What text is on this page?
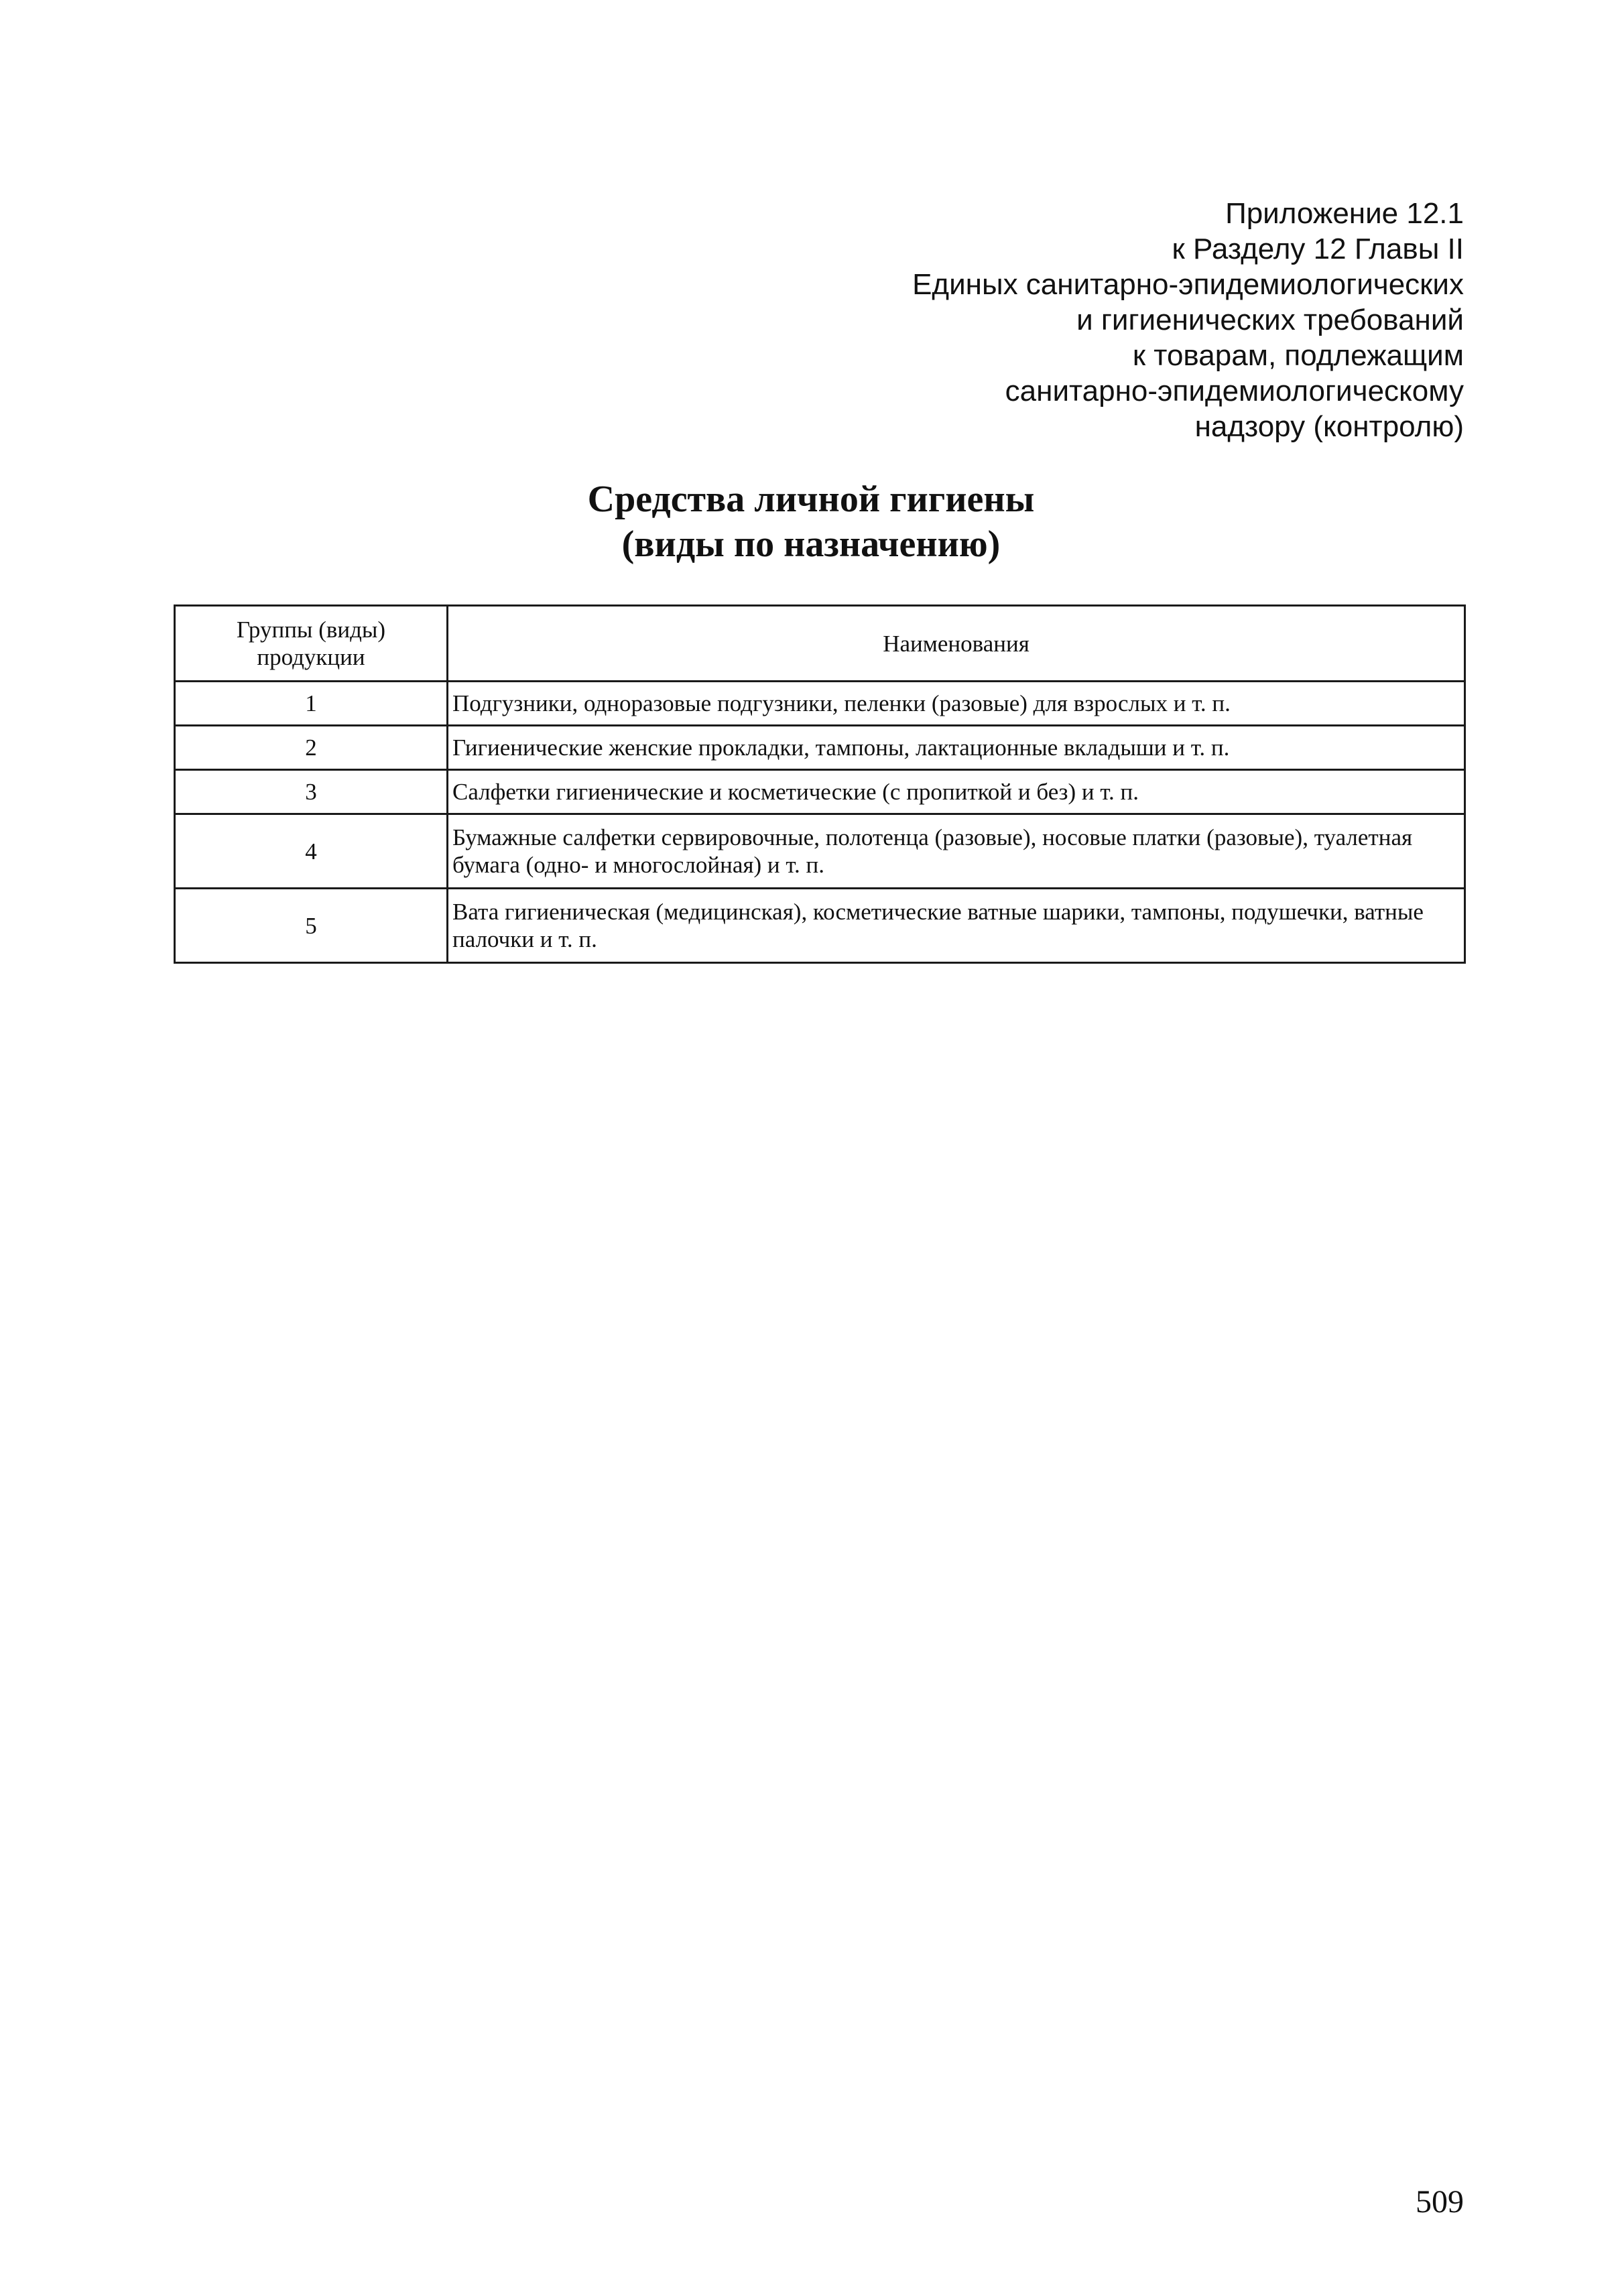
Приложение 12.1
к Разделу 12 Главы II
Единых санитарно-эпидемиологических
и гигиенических требований
к товарам, подлежащим
санитарно-эпидемиологическому
надзору (контролю)
Средства личной гигиены
(виды по назначению)
Группы (виды) продукции	Наименования
1	Подгузники, одноразовые подгузники, пеленки (разовые) для взрослых и т. п.
2	Гигиенические женские прокладки, тампоны, лактационные вкладыши и т. п.
3	Салфетки гигиенические и косметические (с пропиткой и без) и т. п.
4	Бумажные салфетки сервировочные, полотенца (разовые), носовые платки (разовые), туалетная бумага (одно- и многослойная) и т. п.
5	Вата гигиеническая (медицинская), косметические ватные шарики, тампоны, подушечки, ватные палочки и т. п.
509
